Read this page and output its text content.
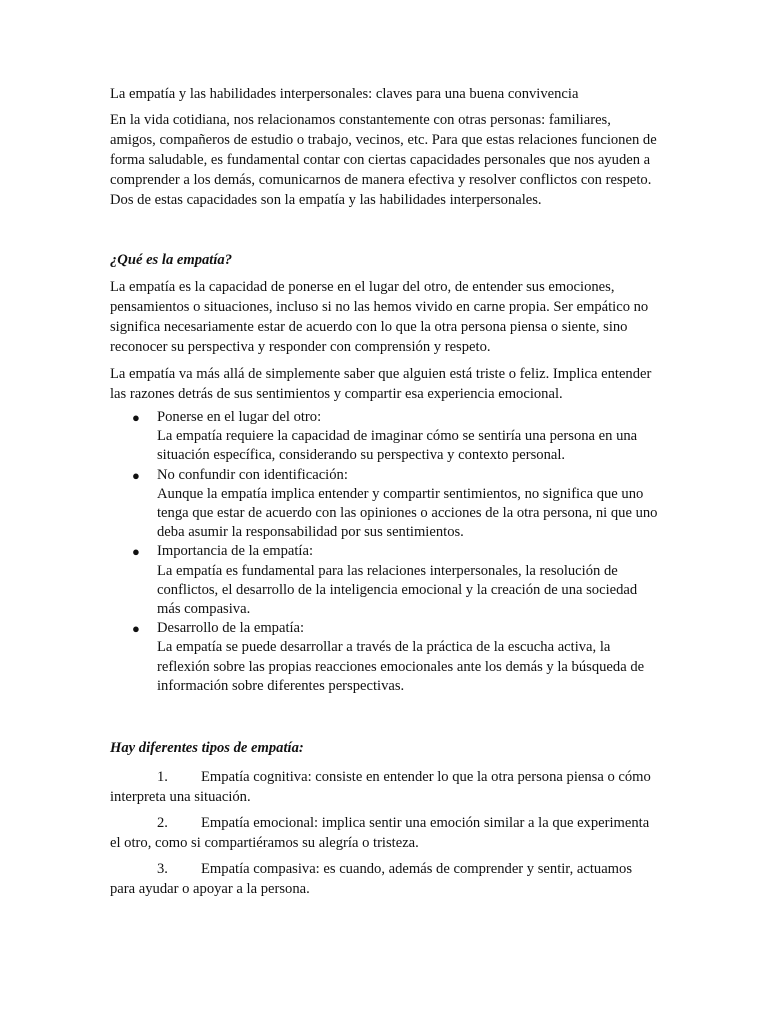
La empatía y las habilidades interpersonales: claves para una buena convivencia

En la vida cotidiana, nos relacionamos constantemente con otras personas: familiares, amigos, compañeros de estudio o trabajo, vecinos, etc. Para que estas relaciones funcionen de forma saludable, es fundamental contar con ciertas capacidades personales que nos ayuden a comprender a los demás, comunicarnos de manera efectiva y resolver conflictos con respeto. Dos de estas capacidades son la empatía y las habilidades interpersonales.

¿Qué es la empatía?

La empatía es la capacidad de ponerse en el lugar del otro, de entender sus emociones, pensamientos o situaciones, incluso si no las hemos vivido en carne propia. Ser empático no significa necesariamente estar de acuerdo con lo que la otra persona piensa o siente, sino reconocer su perspectiva y responder con comprensión y respeto.

La empatía va más allá de simplemente saber que alguien está triste o feliz. Implica entender las razones detrás de sus sentimientos y compartir esa experiencia emocional.

● Ponerse en el lugar del otro:
La empatía requiere la capacidad de imaginar cómo se sentiría una persona en una situación específica, considerando su perspectiva y contexto personal.
● No confundir con identificación:
Aunque la empatía implica entender y compartir sentimientos, no significa que uno tenga que estar de acuerdo con las opiniones o acciones de la otra persona, ni que uno deba asumir la responsabilidad por sus sentimientos.
● Importancia de la empatía:
La empatía es fundamental para las relaciones interpersonales, la resolución de conflictos, el desarrollo de la inteligencia emocional y la creación de una sociedad más compasiva.
● Desarrollo de la empatía:
La empatía se puede desarrollar a través de la práctica de la escucha activa, la reflexión sobre las propias reacciones emocionales ante los demás y la búsqueda de información sobre diferentes perspectivas.

Hay diferentes tipos de empatía:

1. Empatía cognitiva: consiste en entender lo que la otra persona piensa o cómo interpreta una situación.
2. Empatía emocional: implica sentir una emoción similar a la que experimenta el otro, como si compartiéramos su alegría o tristeza.
3. Empatía compasiva: es cuando, además de comprender y sentir, actuamos para ayudar o apoyar a la persona.
